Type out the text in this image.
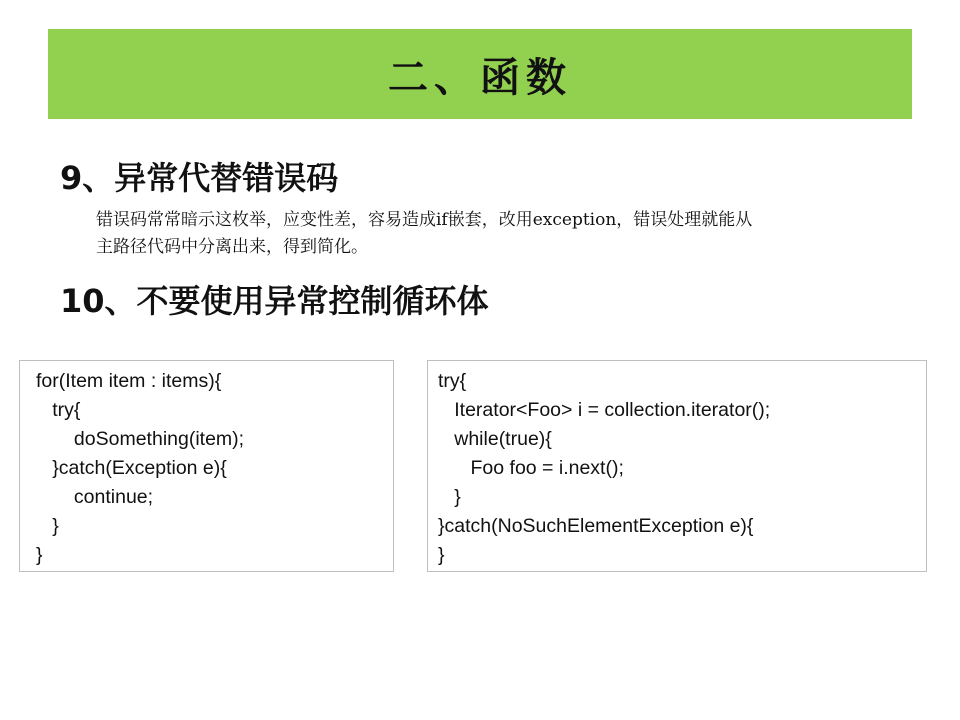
二、函数
9、异常代替错误码
错误码常常暗示这枚举，应变性差，容易造成if嵌套，改用exception，错误处理就能从
主路径代码中分离出来，得到简化。
10、不要使用异常控制循环体
for(Item item : items){
try{
doSomething(item);
}catch(Exception e){
continue;
}
}
try{
Iterator<Foo> i = collection.iterator();
while(true){
Foo foo = i.next();
}
}catch(NoSuchElementException e){
}
